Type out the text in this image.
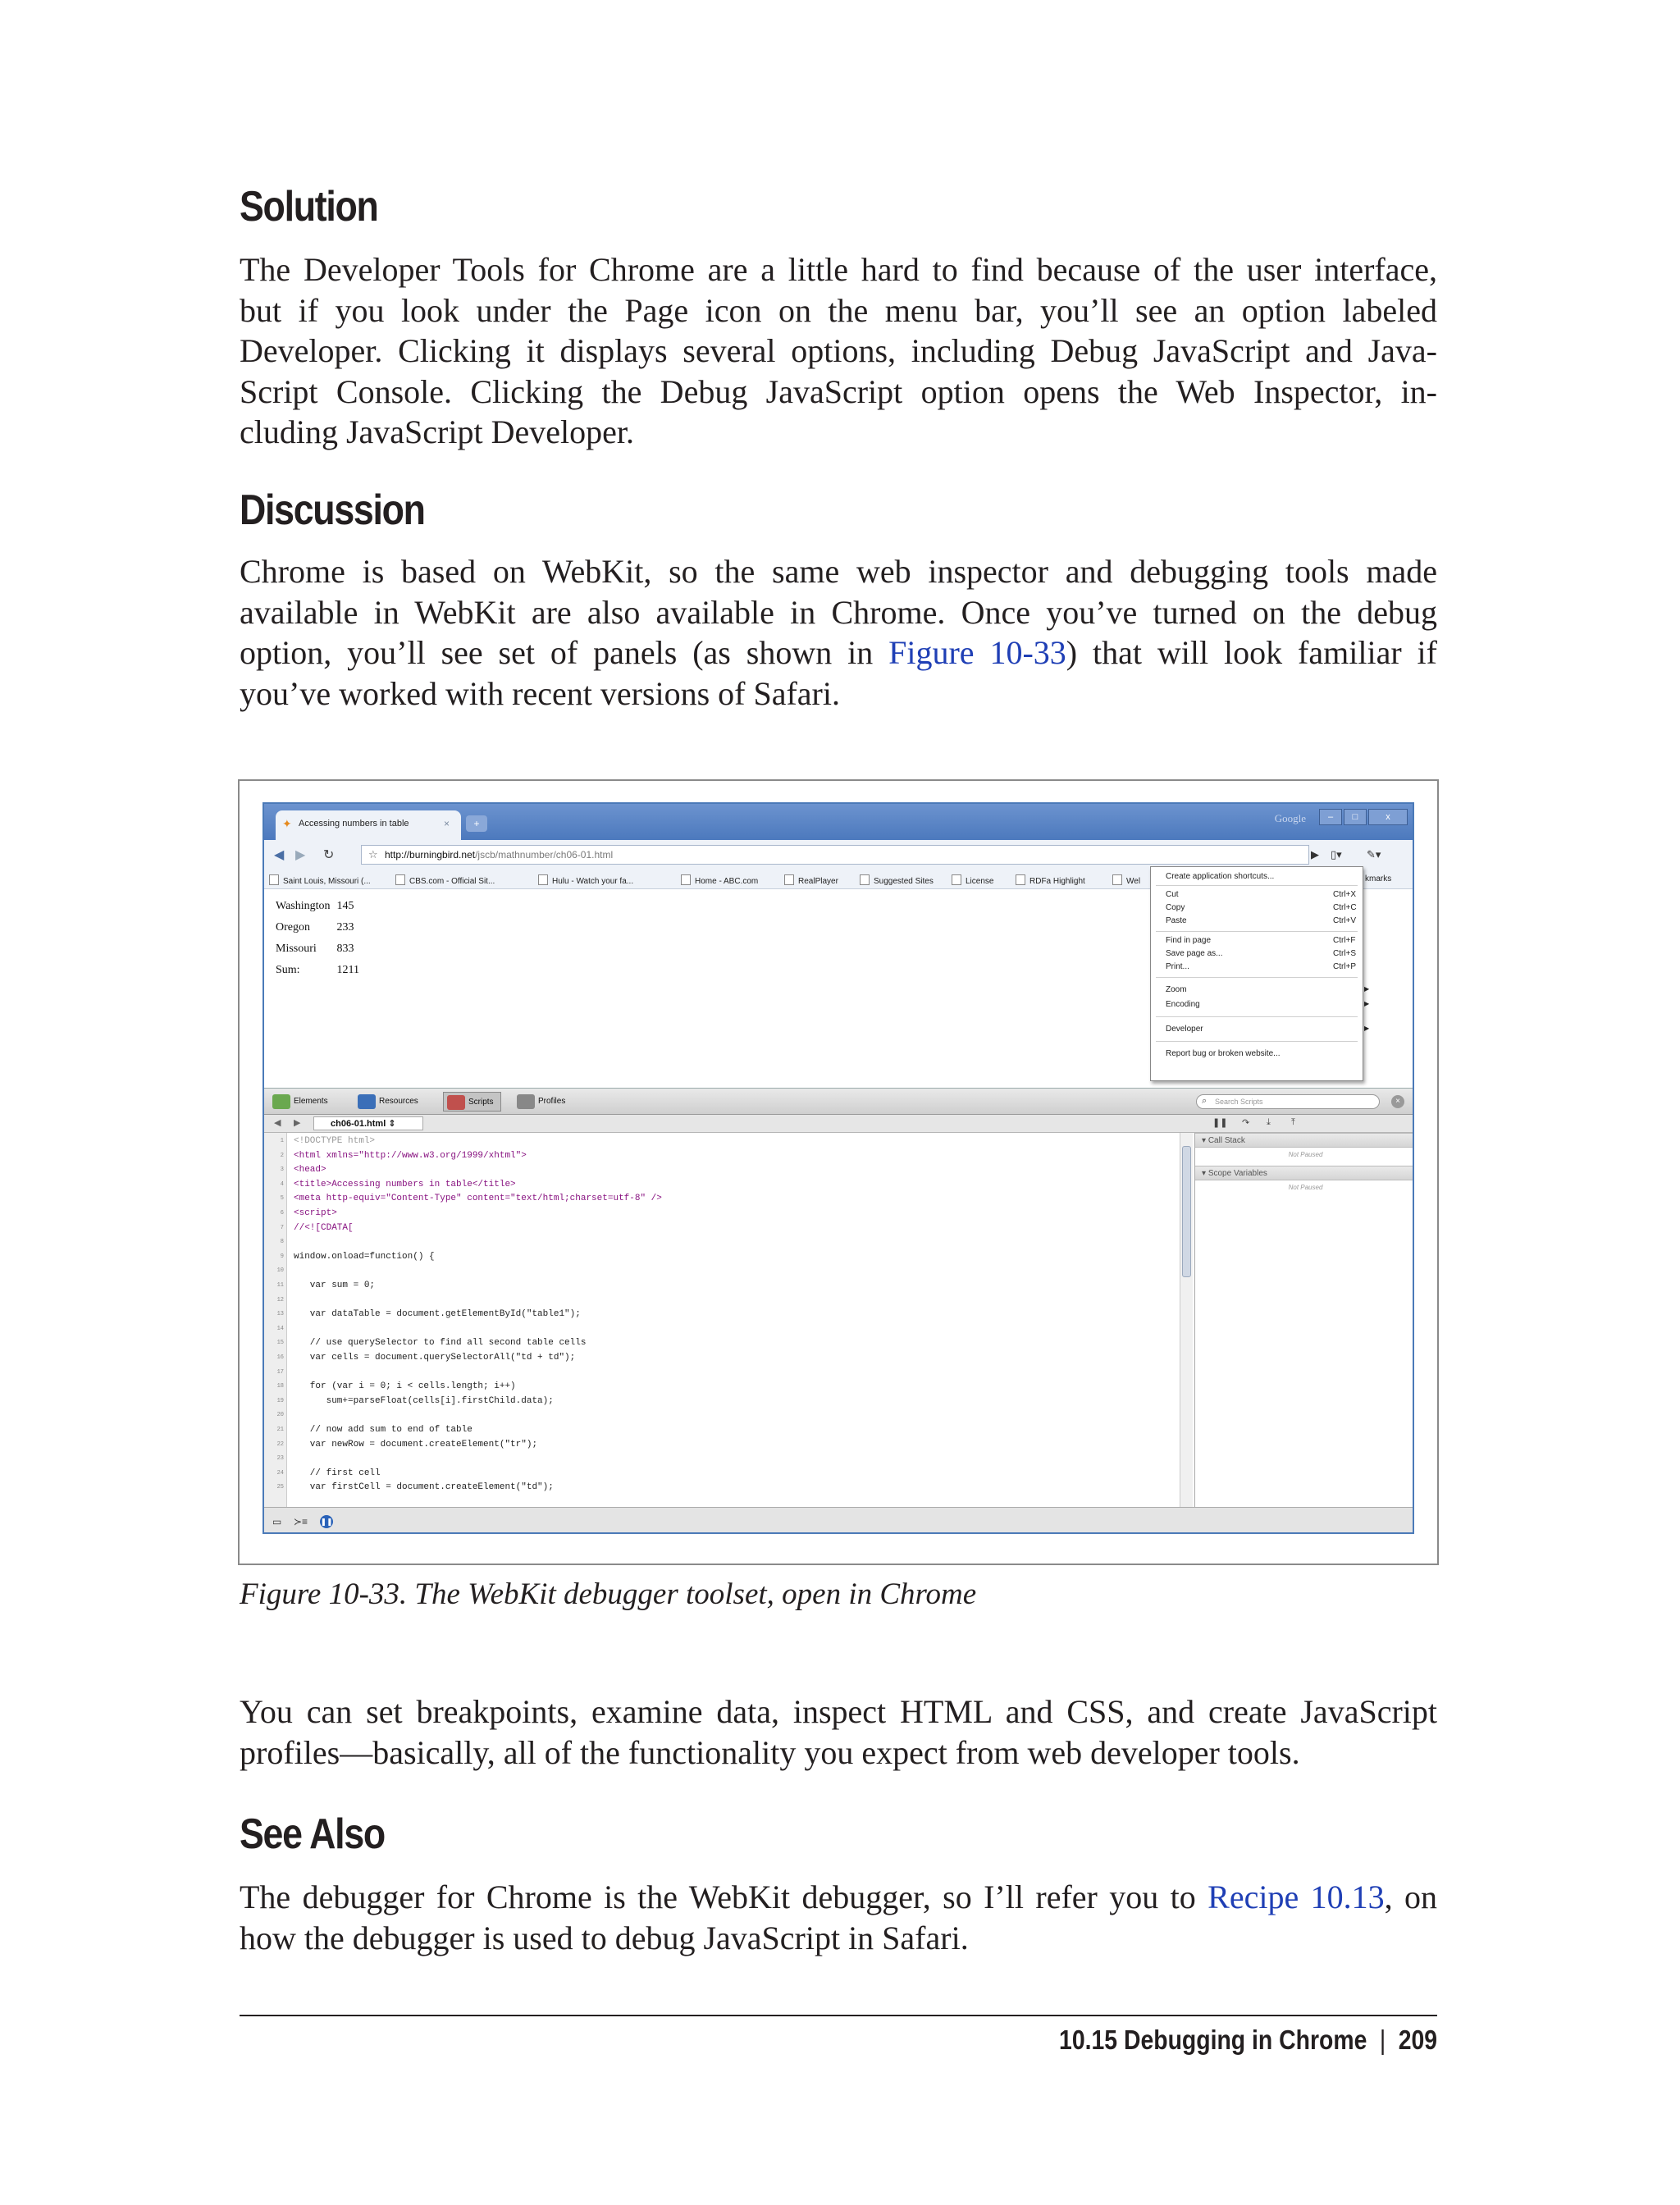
Solution
The Developer Tools for Chrome are a little hard to find because of the user interface,
but if you look under the Page icon on the menu bar, you’ll see an option labeled
Developer. Clicking it displays several options, including Debug JavaScript and Java-
Script Console. Clicking the Debug JavaScript option opens the Web Inspector, in-
cluding JavaScript Developer.
Discussion
Chrome is based on WebKit, so the same web inspector and debugging tools made
available in WebKit are also available in Chrome. Once you’ve turned on the debug
option, you’ll see set of panels (as shown in Figure 10-33) that will look familiar if
you’ve worked with recent versions of Safari.
✦ Accessing numbers in table	×	+	Google	–	□	x
◀ ▶ ↻	☆ http://burningbird.net/jscb/mathnumber/ch06-01.html	▶ ▯▾ ✎▾
Saint Louis, Missouri (...	CBS.com - Official Sit...	Hulu - Watch your fa...	Home - ABC.com	RealPlayer	Suggested Sites	License	RDFa Highlight	Wel	kmarks
Washington	145
Oregon	233
Missouri	833
Sum:	1211
Create application shortcuts...
Cut	Ctrl+X
Copy	Ctrl+C
Paste	Ctrl+V
Find in page	Ctrl+F
Save page as...	Ctrl+S
Print...	Ctrl+P
Zoom	▶
Encoding	▶
Developer	▶
Report bug or broken website...
Elements	Resources	Scripts	Profiles	⌕ Search Scripts	×
◀ ▶	ch06-01.html ⇕	❚❚ ↷ ⤓ ⤒
1 <!DOCTYPE html>
2 <html xmlns="http://www.w3.org/1999/xhtml">
3 <head>
4 <title>Accessing numbers in table</title>
5 <meta http-equiv="Content-Type" content="text/html;charset=utf-8" />
6 <script>
7 //<![CDATA[
8
9 window.onload=function() {
10
11 var sum = 0;
12
13 var dataTable = document.getElementById("table1");
14
15 // use querySelector to find all second table cells
16 var cells = document.querySelectorAll("td + td");
17
18 for (var i = 0; i < cells.length; i++)
19 sum+=parseFloat(cells[i].firstChild.data);
20
21 // now add sum to end of table
22 var newRow = document.createElement("tr");
23
24 // first cell
25 var firstCell = document.createElement("td");
▾ Call Stack
Not Paused
▾ Scope Variables
Not Paused
▭ ≻≡ ❚❚
Figure 10-33. The WebKit debugger toolset, open in Chrome
You can set breakpoints, examine data, inspect HTML and CSS, and create JavaScript
profiles—basically, all of the functionality you expect from web developer tools.
See Also
The debugger for Chrome is the WebKit debugger, so I’ll refer you to Recipe 10.13, on
how the debugger is used to debug JavaScript in Safari.
10.15 Debugging in Chrome | 209
